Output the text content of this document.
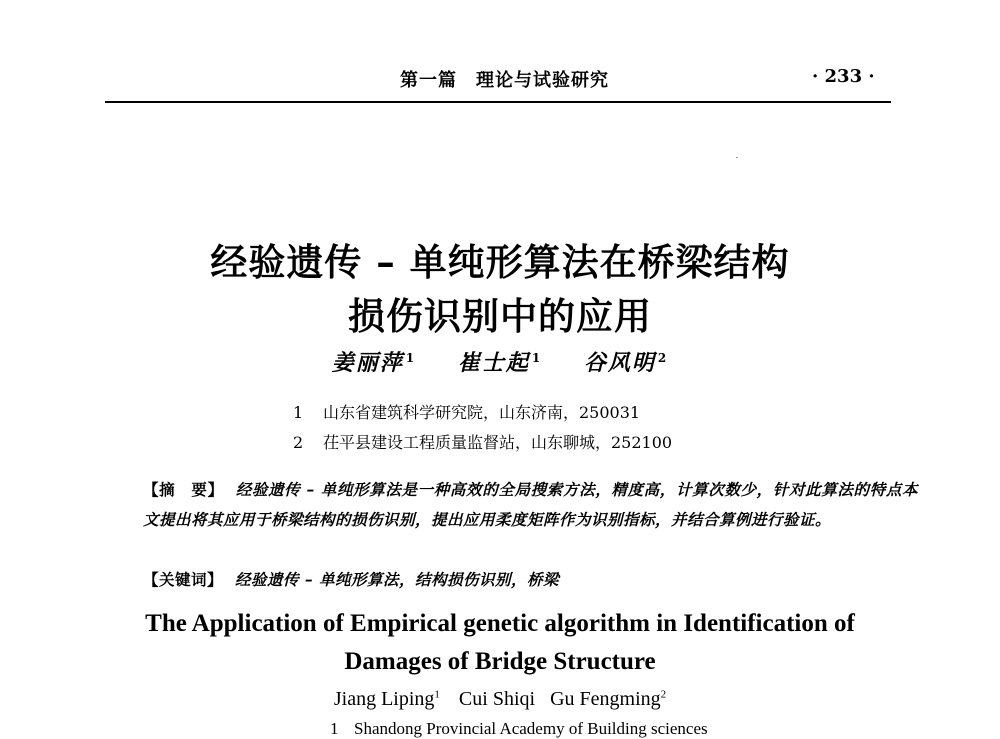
第一篇　理论与试验研究	· 233 ·
经验遗传 – 单纯形算法在桥梁结构
损伤识别中的应用
姜丽萍 $^1$ 崔士起 $^1$ 谷风明 $^2$
1 山东省建筑科学研究院，山东济南，250031
2 茌平县建设工程质量监督站，山东聊城，252100
【摘　要】 经验遗传 – 单纯形算法是一种高效的全局搜索方法，精度高，计算次数少，针对此算法的特点本文提出将其应用于桥梁结构的损伤识别，提出应用柔度矩阵作为识别指标，并结合算例进行验证。
【关键词】 经验遗传 – 单纯形算法，结构损伤识别，桥梁
The Application of Empirical genetic algorithm in Identification of
Damages of Bridge Structure
Jiang Liping$^1$ Cui Shiqi Gu Fengming$^2$
1 Shandong Provincial Academy of Building sciences
